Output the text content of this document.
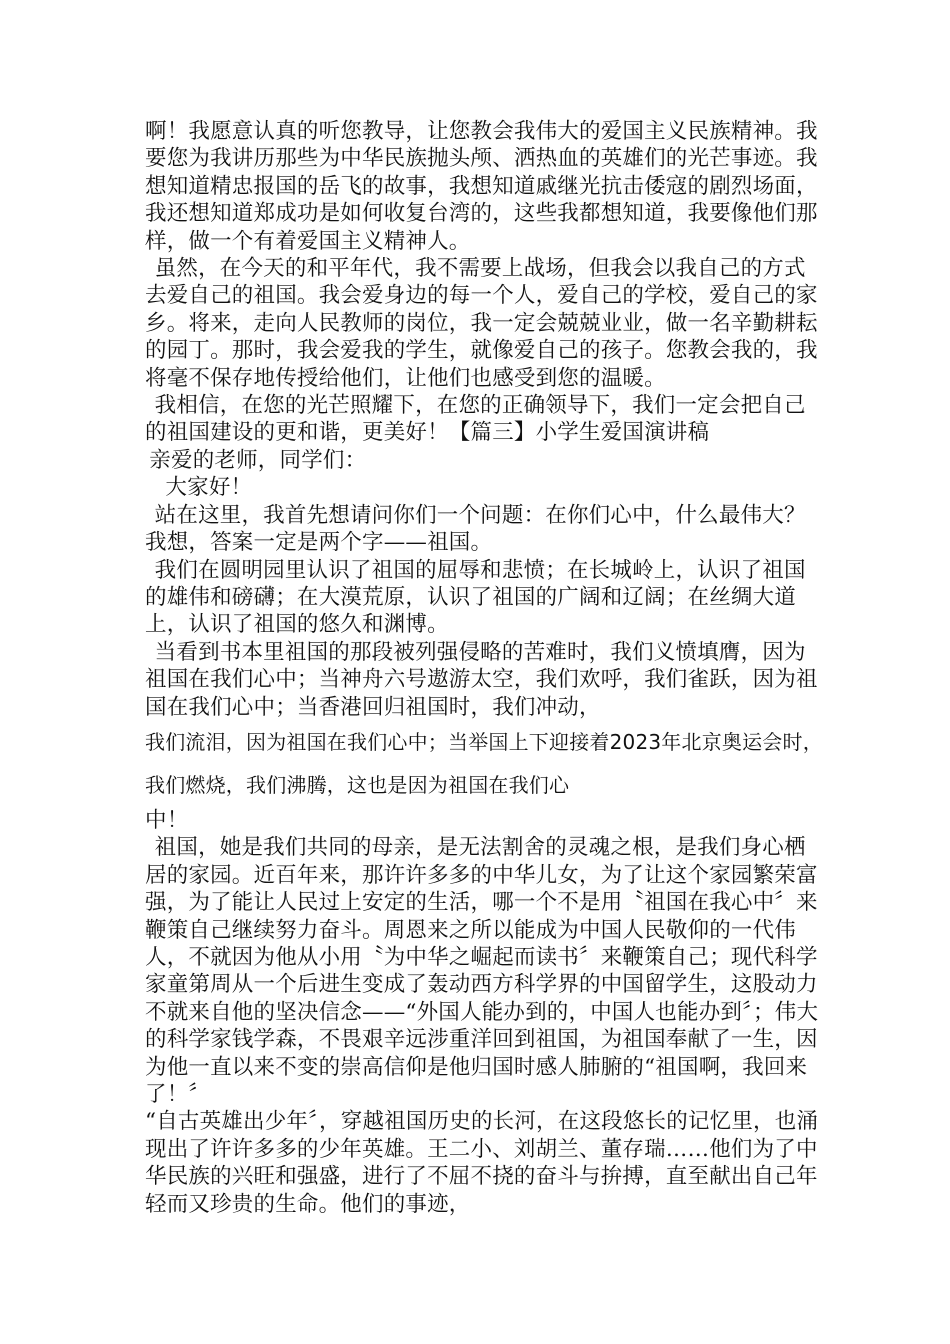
啊！我愿意认真的听您教导，让您教会我伟大的爱国主义民族精神。我要您为我讲历那些为中华民族抛头颅、洒热血的英雄们的光芒事迹。我想知道精忠报国的岳飞的故事，我想知道戚继光抗击倭寇的剧烈场面，我还想知道郑成功是如何收复台湾的，这些我都想知道，我要像他们那样，做一个有着爱国主义精神人。

虽然，在今天的和平年代，我不需要上战场，但我会以我自己的方式去爱自己的祖国。我会爱身边的每一个人，爱自己的学校，爱自己的家乡。将来，走向人民教师的岗位，我一定会兢兢业业，做一名辛勤耕耘的园丁。那时，我会爱我的学生，就像爱自己的孩子。您教会我的，我将毫不保存地传授给他们，让他们也感受到您的温暖。

我相信，在您的光芒照耀下，在您的正确领导下，我们一定会把自己的祖国建设的更和谐，更美好！【篇三】小学生爱国演讲稿

亲爱的老师，同学们：

大家好！

站在这里，我首先想请问你们一个问题：在你们心中，什么最伟大？我想，答案一定是两个字——祖国。

我们在圆明园里认识了祖国的屈辱和悲愤；在长城岭上，认识了祖国的雄伟和磅礴；在大漠荒原，认识了祖国的广阔和辽阔；在丝绸大道上，认识了祖国的悠久和渊博。

当看到书本里祖国的那段被列强侵略的苦难时，我们义愤填膺，因为祖国在我们心中；当神舟六号遨游太空，我们欢呼，我们雀跃，因为祖国在我们心中；当香港回归祖国时，我们冲动，

我们流泪，因为祖国在我们心中；当举国上下迎接着2023年北京奥运会时，我们燃烧，我们沸腾，这也是因为祖国在我们心

中！

祖国，她是我们共同的母亲，是无法割舍的灵魂之根，是我们身心栖居的家园。近百年来，那许许多多的中华儿女，为了让这个家园繁荣富强，为了能让人民过上安定的生活，哪一个不是用〝祖国在我心中〞来鞭策自己继续努力奋斗。周恩来之所以能成为中国人民敬仰的一代伟人，不就因为他从小用〝为中华之崛起而读书〞来鞭策自己；现代科学家童第周从一个后进生变成了轰动西方科学界的中国留学生，这股动力不就来自他的坚决信念——“外国人能办到的，中国人也能办到〞；伟大的科学家钱学森，不畏艰辛远涉重洋回到祖国，为祖国奉献了一生，因为他一直以来不变的崇高信仰是他归国时感人肺腑的“祖国啊，我回来了！〞

“自古英雄出少年〞，穿越祖国历史的长河，在这段悠长的记忆里，也涌现出了许许多多的少年英雄。王二小、刘胡兰、董存瑞……他们为了中华民族的兴旺和强盛，进行了不屈不挠的奋斗与拚搏，直至献出自己年轻而又珍贵的生命。他们的事迹，
